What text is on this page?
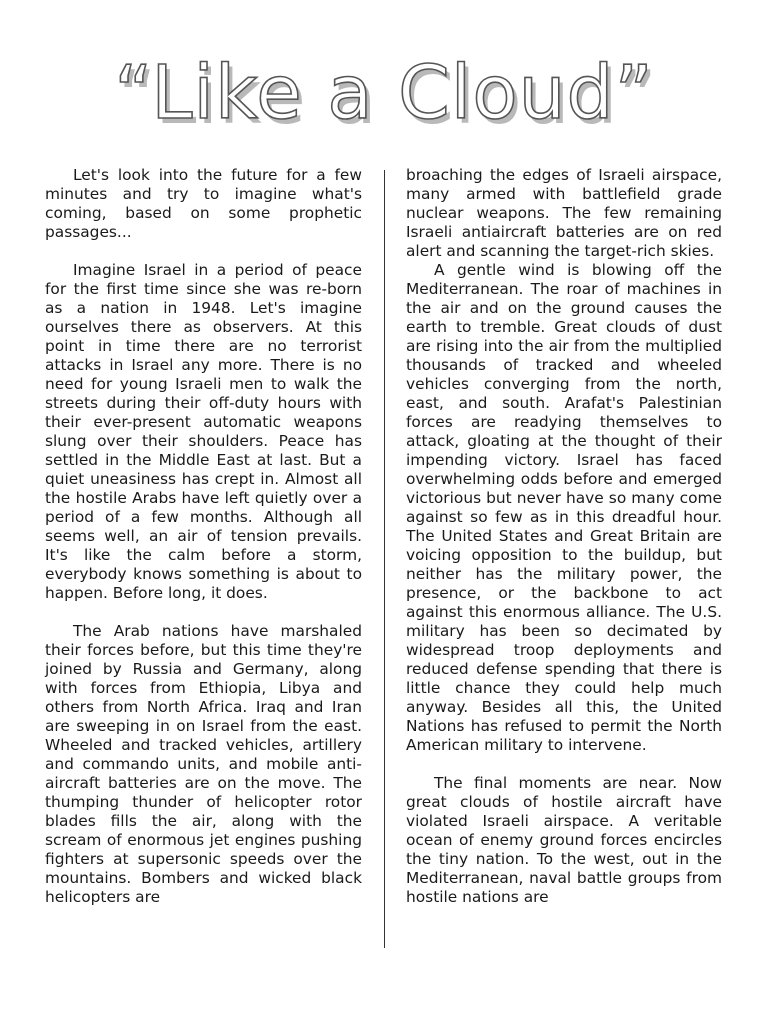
“Like a Cloud”

Let's look into the future for a few minutes and try to imagine what's coming, based on some prophetic passages...

Imagine Israel in a period of peace for the first time since she was re-born as a nation in 1948. Let's imagine ourselves there as observers. At this point in time there are no terrorist attacks in Israel any more. There is no need for young Israeli men to walk the streets during their off-duty hours with their ever-present automatic weapons slung over their shoulders. Peace has settled in the Middle East at last. But a quiet uneasiness has crept in. Almost all the hostile Arabs have left quietly over a period of a few months. Although all seems well, an air of tension prevails. It's like the calm before a storm, everybody knows something is about to happen. Before long, it does.

The Arab nations have marshaled their forces before, but this time they're joined by Russia and Germany, along with forces from Ethiopia, Libya and others from North Africa. Iraq and Iran are sweeping in on Israel from the east. Wheeled and tracked vehicles, artillery and commando units, and mobile anti-aircraft batteries are on the move. The thumping thunder of helicopter rotor blades fills the air, along with the scream of enormous jet engines pushing fighters at supersonic speeds over the mountains. Bombers and wicked black helicopters are

broaching the edges of Israeli airspace, many armed with battlefield grade nuclear weapons. The few remaining Israeli antiaircraft batteries are on red alert and scanning the target-rich skies.

A gentle wind is blowing off the Mediterranean. The roar of machines in the air and on the ground causes the earth to tremble. Great clouds of dust are rising into the air from the multiplied thousands of tracked and wheeled vehicles converging from the north, east, and south. Arafat's Palestinian forces are readying themselves to attack, gloating at the thought of their impending victory. Israel has faced overwhelming odds before and emerged victorious but never have so many come against so few as in this dreadful hour. The United States and Great Britain are voicing opposition to the buildup, but neither has the military power, the presence, or the backbone to act against this enormous alliance. The U.S. military has been so decimated by widespread troop deployments and reduced defense spending that there is little chance they could help much anyway. Besides all this, the United Nations has refused to permit the North American military to intervene.

The final moments are near. Now great clouds of hostile aircraft have violated Israeli airspace. A veritable ocean of enemy ground forces encircles the tiny nation. To the west, out in the Mediterranean, naval battle groups from hostile nations are
